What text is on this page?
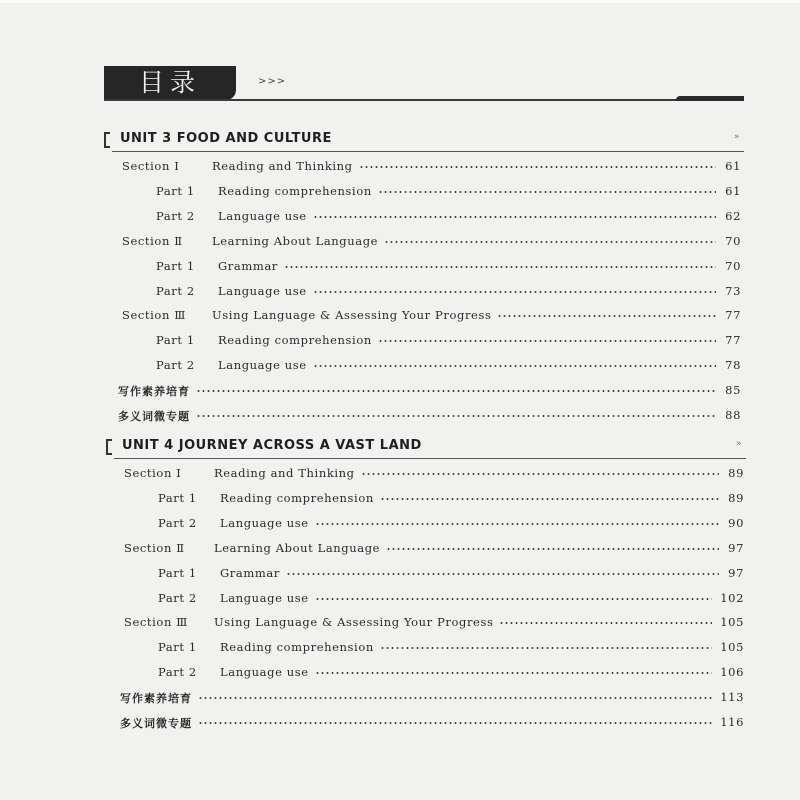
目录	>>>
UNIT 3 FOOD AND CULTURE	»
Section Ⅰ	Reading and Thinking	61
Part 1 Reading comprehension	61
Part 2 Language use	62
Section Ⅱ	Learning About Language	70
Part 1 Grammar	70
Part 2 Language use	73
Section Ⅲ Using Language & Assessing Your Progress	77
Part 1 Reading comprehension	77
Part 2 Language use	78
写作素养培育	85
多义词微专题	88
UNIT 4 JOURNEY ACROSS A VAST LAND	»
Section Ⅰ	Reading and Thinking	89
Part 1 Reading comprehension	89
Part 2 Language use	90
Section Ⅱ	Learning About Language	97
Part 1 Grammar	97
Part 2 Language use	102
Section Ⅲ Using Language & Assessing Your Progress	105
Part 1 Reading comprehension	105
Part 2 Language use	106
写作素养培育	113
多义词微专题	116
